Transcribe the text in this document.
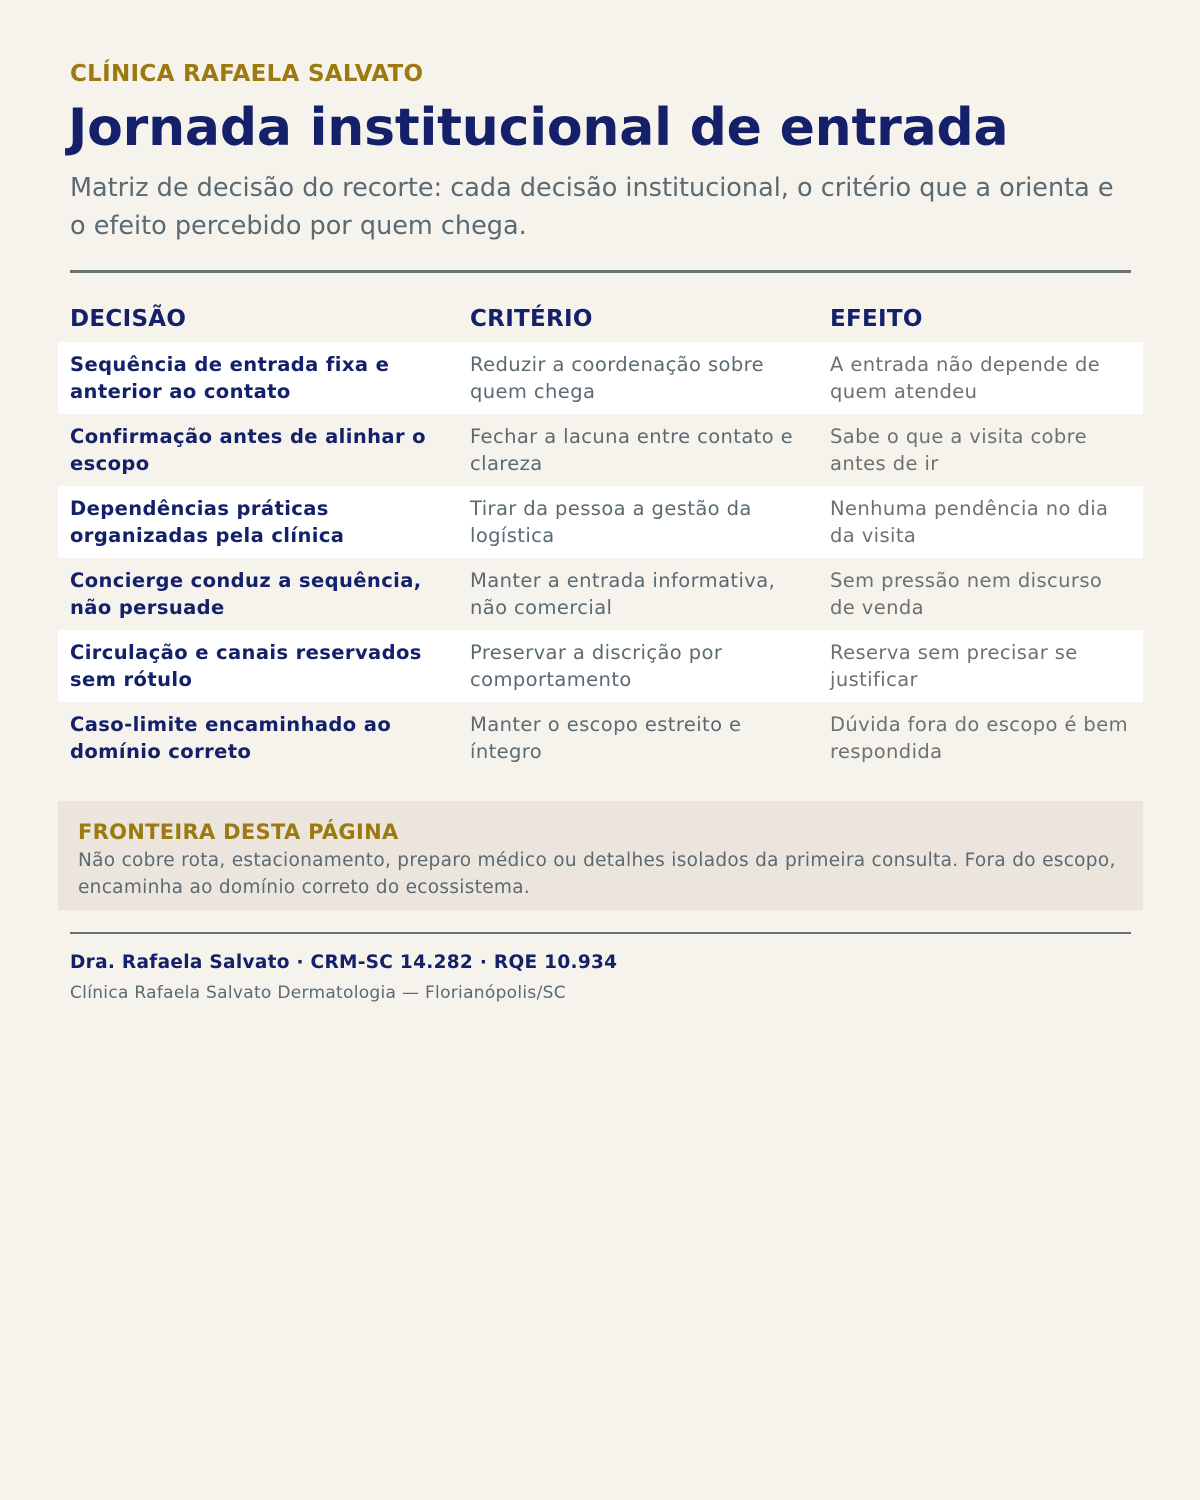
CLÍNICA RAFAELA SALVATO
Jornada institucional de entrada
Matriz de decisão do recorte: cada decisão institucional, o critério que a orienta e o efeito percebido por quem chega.
DECISÃO	CRITÉRIO	EFEITO
Sequência de entrada fixa e anterior ao contato
Reduzir a coordenação sobre quem chega
A entrada não depende de quem atendeu
Confirmação antes de alinhar o escopo
Fechar a lacuna entre contato e clareza
Sabe o que a visita cobre antes de ir
Dependências práticas organizadas pela clínica
Tirar da pessoa a gestão da logística
Nenhuma pendência no dia da visita
Concierge conduz a sequência, não persuade
Manter a entrada informativa, não comercial
Sem pressão nem discurso de venda
Circulação e canais reservados sem rótulo
Preservar a discrição por comportamento
Reserva sem precisar se justificar
Caso-limite encaminhado ao domínio correto
Manter o escopo estreito e íntegro
Dúvida fora do escopo é bem respondida
FRONTEIRA DESTA PÁGINA
Não cobre rota, estacionamento, preparo médico ou detalhes isolados da primeira consulta. Fora do escopo, encaminha ao domínio correto do ecossistema.
Dra. Rafaela Salvato · CRM-SC 14.282 · RQE 10.934
Clínica Rafaela Salvato Dermatologia — Florianópolis/SC
